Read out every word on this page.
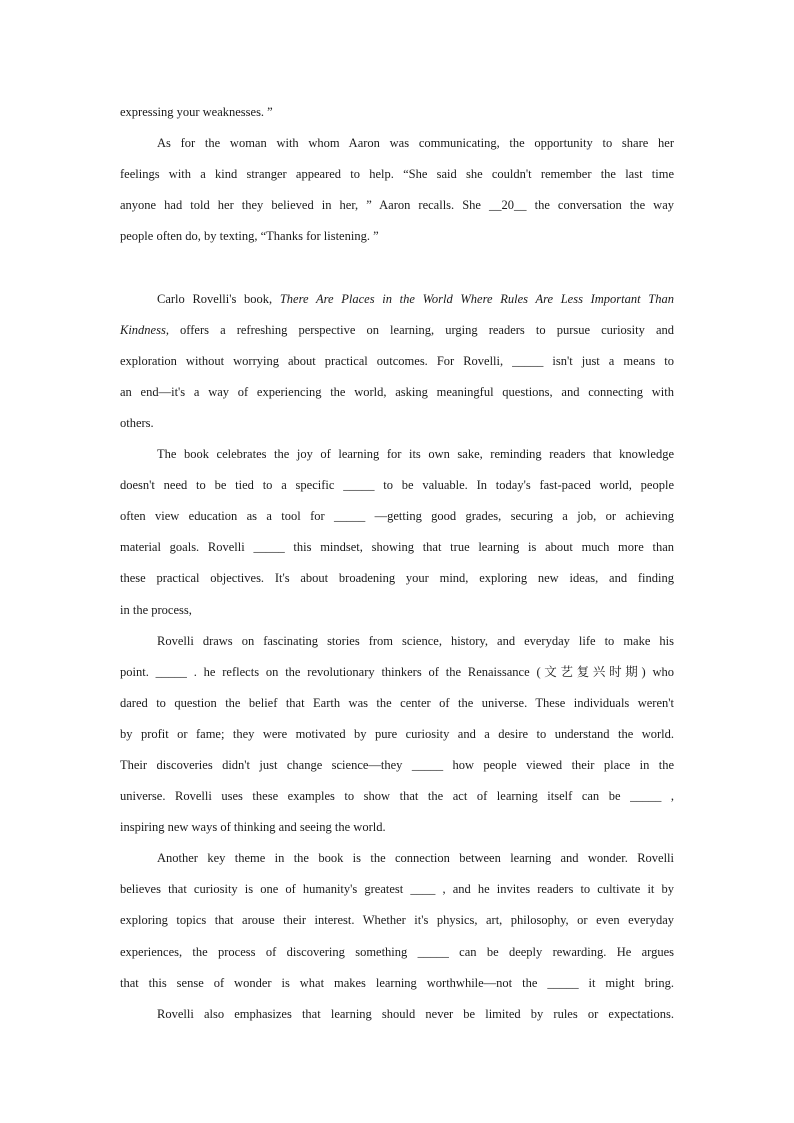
expressing your weaknesses. ”
As for the woman with whom Aaron was communicating, the opportunity to share her
feelings with a kind stranger appeared to help. “She said she couldn't remember the last time
anyone had told her they believed in her, ” Aaron recalls. She __20__ the conversation the way
people often do, by texting, “Thanks for listening. ”
Carlo Rovelli's book, There Are Places in the World Where Rules Are Less Important Than
Kindness, offers a refreshing perspective on learning, urging readers to pursue curiosity and
exploration without worrying about practical outcomes. For Rovelli, _____ isn't just a means to
an end—it's a way of experiencing the world, asking meaningful questions, and connecting with
others.
The book celebrates the joy of learning for its own sake, reminding readers that knowledge
doesn't need to be tied to a specific _____ to be valuable. In today's fast-paced world, people
often view education as a tool for _____ —getting good grades, securing a job, or achieving
material goals. Rovelli _____ this mindset, showing that true learning is about much more than
these practical objectives. It's about broadening your mind, exploring new ideas, and finding
in the process,
Rovelli draws on fascinating stories from science, history, and everyday life to make his
point. _____ . he reflects on the revolutionary thinkers of the Renaissance (文艺复兴时期) who
dared to question the belief that Earth was the center of the universe. These individuals weren't
by profit or fame; they were motivated by pure curiosity and a desire to understand the world.
Their discoveries didn't just change science—they _____ how people viewed their place in the
universe. Rovelli uses these examples to show that the act of learning itself can be _____ ,
inspiring new ways of thinking and seeing the world.
Another key theme in the book is the connection between learning and wonder. Rovelli
believes that curiosity is one of humanity's greatest ____ , and he invites readers to cultivate it by
exploring topics that arouse their interest. Whether it's physics, art, philosophy, or even everyday
experiences, the process of discovering something _____ can be deeply rewarding. He argues
that this sense of wonder is what makes learning worthwhile—not the _____ it might bring.
Rovelli also emphasizes that learning should never be limited by rules or expectations.
